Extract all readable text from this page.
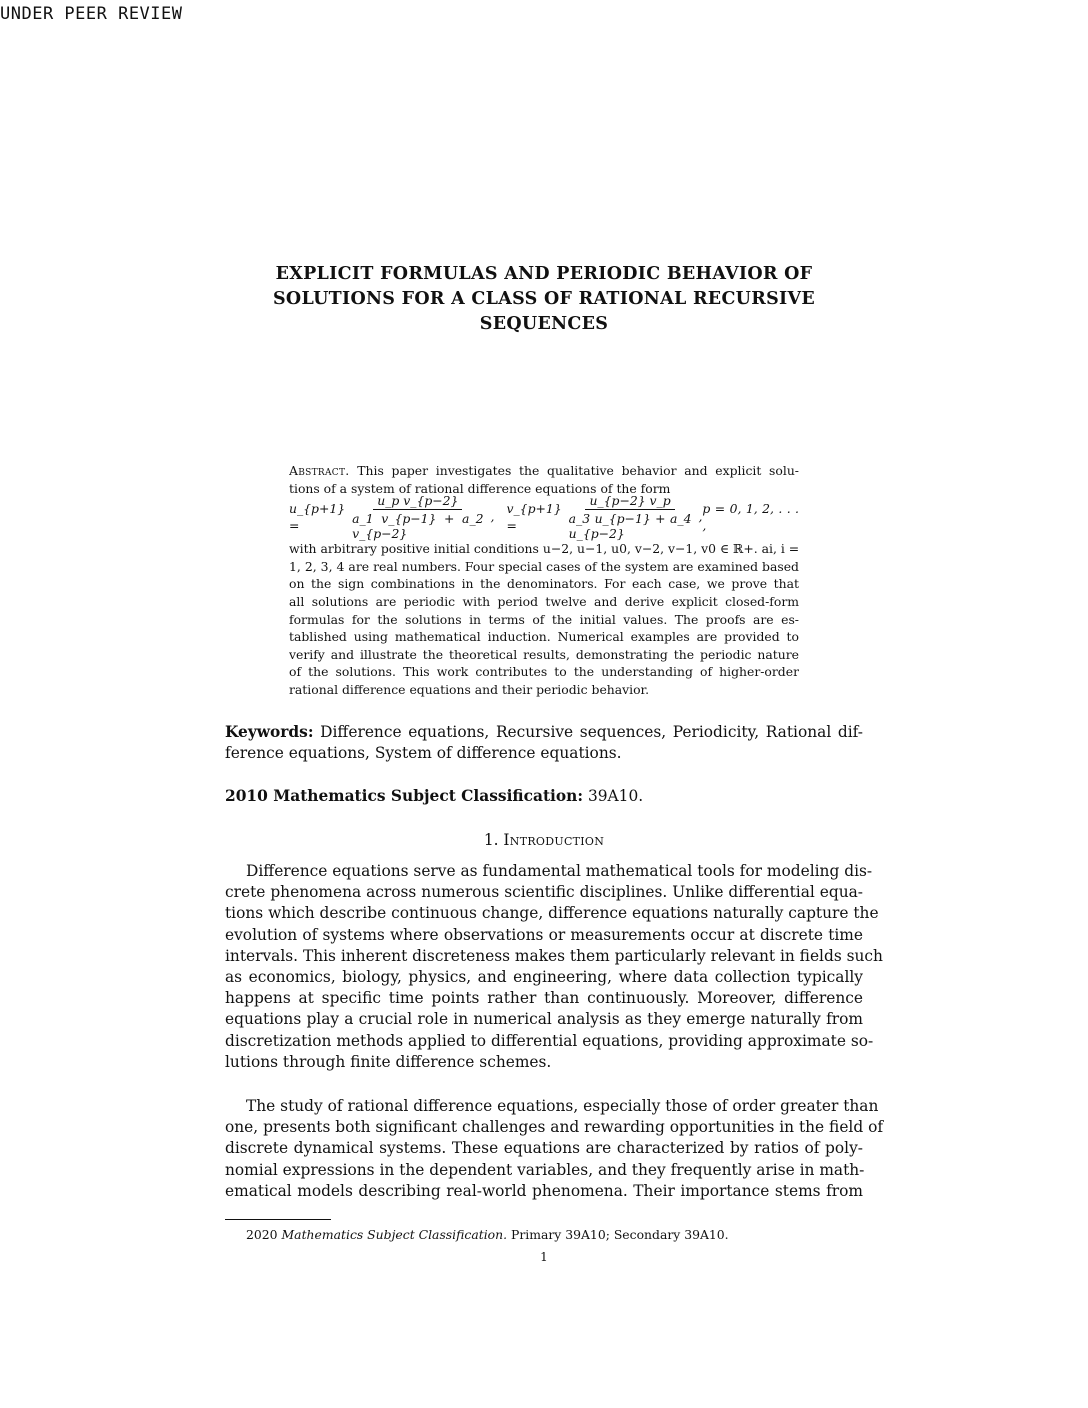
UNDER PEER REVIEW
EXPLICIT FORMULAS AND PERIODIC BEHAVIOR OF
SOLUTIONS FOR A CLASS OF RATIONAL RECURSIVE
SEQUENCES
Abstract. This paper investigates the qualitative behavior and explicit solu-
tions of a system of rational difference equations of the form
u_{p+1} =	$\frac{\text{u\_p v\_\{p−2\}}}{a\_1 v\_\{p-1\} + a\_2 v\_\{p-2\}}$ ,
v_{p+1} =	$\frac{u\_\{p-2\} v\_p}{a\_3 u\_\{p-1\} + a\_4 u\_\{p-2\}}$ ,
p = 0, 1, 2, . . . ,
with arbitrary positive initial conditions u−2, u−1, u0, v−2, v−1, v0 ∈ ℝ+. ai, i =
1, 2, 3, 4 are real numbers. Four special cases of the system are examined based
on the sign combinations in the denominators. For each case, we prove that
all solutions are periodic with period twelve and derive explicit closed-form
formulas for the solutions in terms of the initial values. The proofs are es-
tablished using mathematical induction. Numerical examples are provided to
verify and illustrate the theoretical results, demonstrating the periodic nature
of the solutions. This work contributes to the understanding of higher-order
rational difference equations and their periodic behavior.
Keywords: Difference equations, Recursive sequences, Periodicity, Rational dif-
ference equations, System of difference equations.
2010 Mathematics Subject Classification: 39A10.
1. Introduction
Difference equations serve as fundamental mathematical tools for modeling dis-
crete phenomena across numerous scientific disciplines. Unlike differential equa-
tions which describe continuous change, difference equations naturally capture the
evolution of systems where observations or measurements occur at discrete time
intervals. This inherent discreteness makes them particularly relevant in fields such
as economics, biology, physics, and engineering, where data collection typically
happens at specific time points rather than continuously. Moreover, difference
equations play a crucial role in numerical analysis as they emerge naturally from
discretization methods applied to differential equations, providing approximate so-
lutions through finite difference schemes.
The study of rational difference equations, especially those of order greater than
one, presents both significant challenges and rewarding opportunities in the field of
discrete dynamical systems. These equations are characterized by ratios of poly-
nomial expressions in the dependent variables, and they frequently arise in math-
ematical models describing real-world phenomena. Their importance stems from
2020 Mathematics Subject Classification. Primary 39A10; Secondary 39A10.
1
